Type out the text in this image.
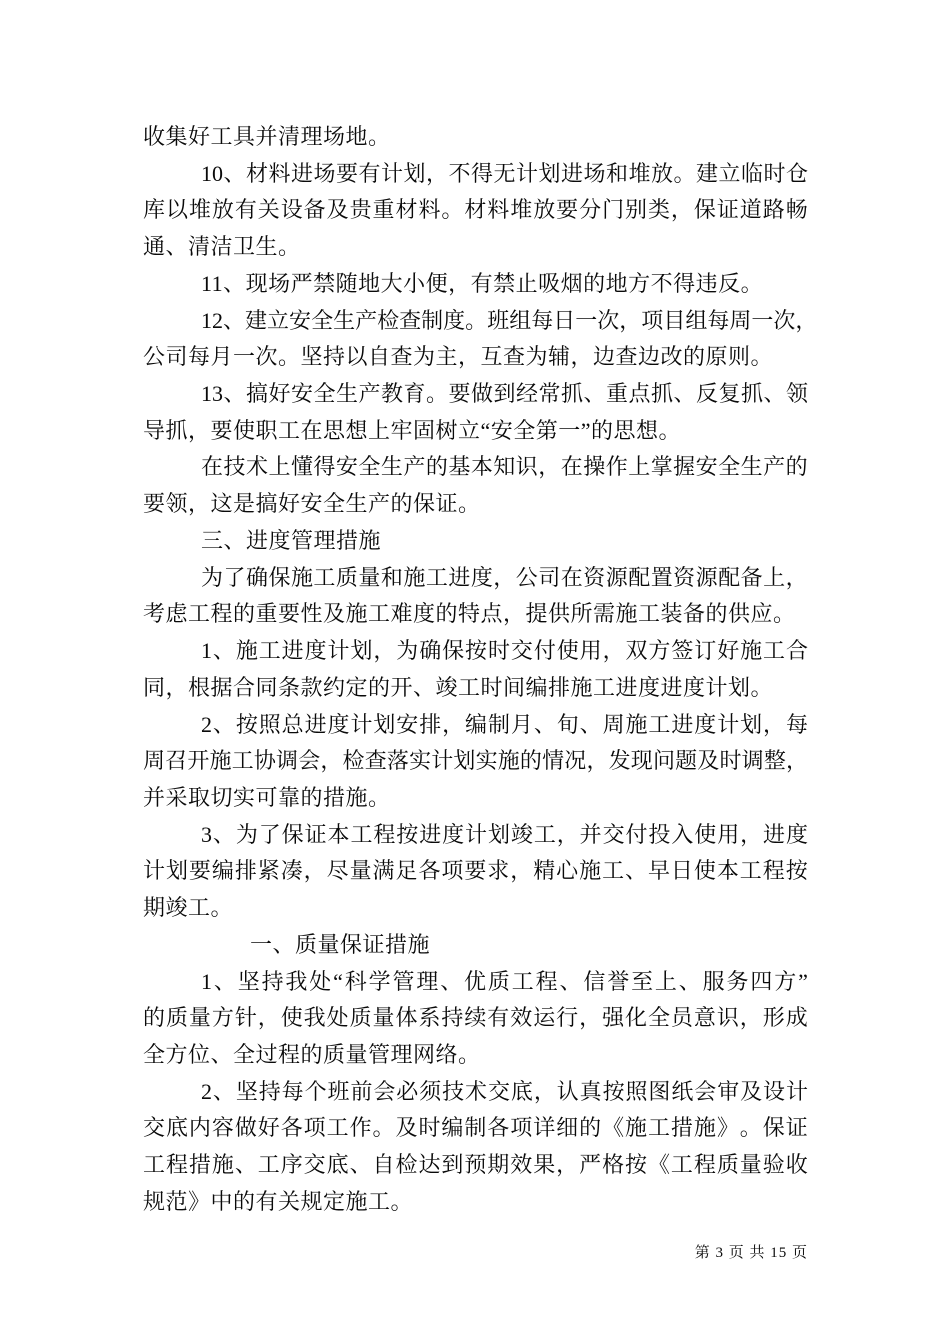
收集好工具并清理场地。
10 、 材 料 进 场 要 有 计 划 ， 不 得 无 计 划 进 场 和 堆 放 。 建 立 临 时 仓
库 以 堆 放 有 关 设 备 及 贵 重 材 料 。 材 料 堆 放 要 分 门 别 类 ， 保 证 道 路 畅
通、清洁卫生。
11、现场严禁随地大小便，有禁止吸烟的地方不得违反。
12 、 建 立 安 全 生 产 检 查 制 度 。 班 组 每 日 一 次 ， 项 目 组 每 周 一 次 ，
公司每月一次。坚持以自查为主，互查为辅，边查边改的原则。
13 、 搞 好 安 全 生 产 教 育 。 要 做 到 经 常 抓 、 重 点 抓 、 反 复 抓 、 领
导抓，要使职工在思想上牢固树立“安全第一”的思想。
在 技 术 上 懂 得 安 全 生 产 的 基 本 知 识 ， 在 操 作 上 掌 握 安 全 生 产 的
要领，这是搞好安全生产的保证。
三、进度管理措施
为 了 确 保 施 工 质 量 和 施 工 进 度 ， 公 司 在 资 源 配 置 资 源 配 备 上 ，
考虑工程的重要性及施工难度的特点，提供所需施工装备的供应。
1 、 施 工 进 度 计 划 ， 为 确 保 按 时 交 付 使 用 ， 双 方 签 订 好 施 工 合
同，根据合同条款约定的开、竣工时间编排施工进度进度计划。
2 、 按 照 总 进 度 计 划 安 排 ， 编 制 月 、 旬 、 周 施 工 进 度 计 划 ， 每
周 召 开 施 工 协 调 会 ， 检 查 落 实 计 划 实 施 的 情 况 ， 发 现 问 题 及 时 调 整 ，
并采取切实可靠的措施。
3 、 为 了 保 证 本 工 程 按 进 度 计 划 竣 工 ， 并 交 付 投 入 使 用 ， 进 度
计 划 要 编 排 紧 凑 ， 尽 量 满 足 各 项 要 求 ， 精 心 施 工 、 早 日 使 本 工 程 按
期竣工。
一、质量保证措施
1 、 坚 持 我 处 “ 科 学 管 理 、 优 质 工 程 、 信 誉 至 上 、 服 务 四 方 ”
的 质 量 方 针 ， 使 我 处 质 量 体 系 持 续 有 效 运 行 ， 强 化 全 员 意 识 ， 形 成
全方位、全过程的质量管理网络。
2 、 坚 持 每 个 班 前 会 必 须 技 术 交 底 ， 认 真 按 照 图 纸 会 审 及 设 计
交 底 内 容 做 好 各 项 工 作 。 及 时 编 制 各 项 详 细 的 《 施 工 措 施 》 。 保 证
工 程 措 施 、 工 序 交 底 、 自 检 达 到 预 期 效 果 ， 严 格 按 《 工 程 质 量 验 收
规范》中的有关规定施工。
第 3 页 共 15 页
